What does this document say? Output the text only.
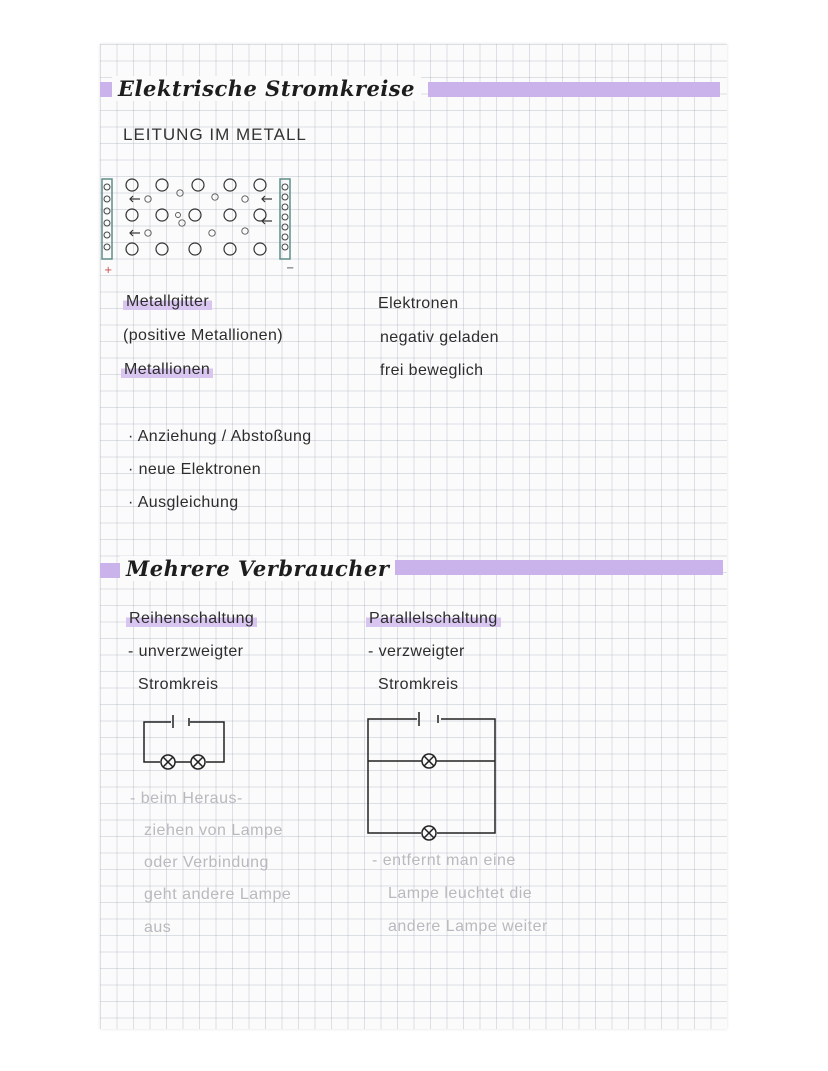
Elektrische Stromkreise
LEITUNG IM METALL
+	−
Metallgitter
(positive Metallionen)
Metallionen
Elektronen
negativ geladen
frei beweglich
· Anziehung / Abstoßung
· neue Elektronen
· Ausgleichung
Mehrere Verbraucher
Reihenschaltung
- unverzweigter
Stromkreis
- beim Heraus-
ziehen von Lampe
oder Verbindung
geht andere Lampe
aus
Parallelschaltung
- verzweigter
Stromkreis
- entfernt man eine
Lampe leuchtet die
andere Lampe weiter
